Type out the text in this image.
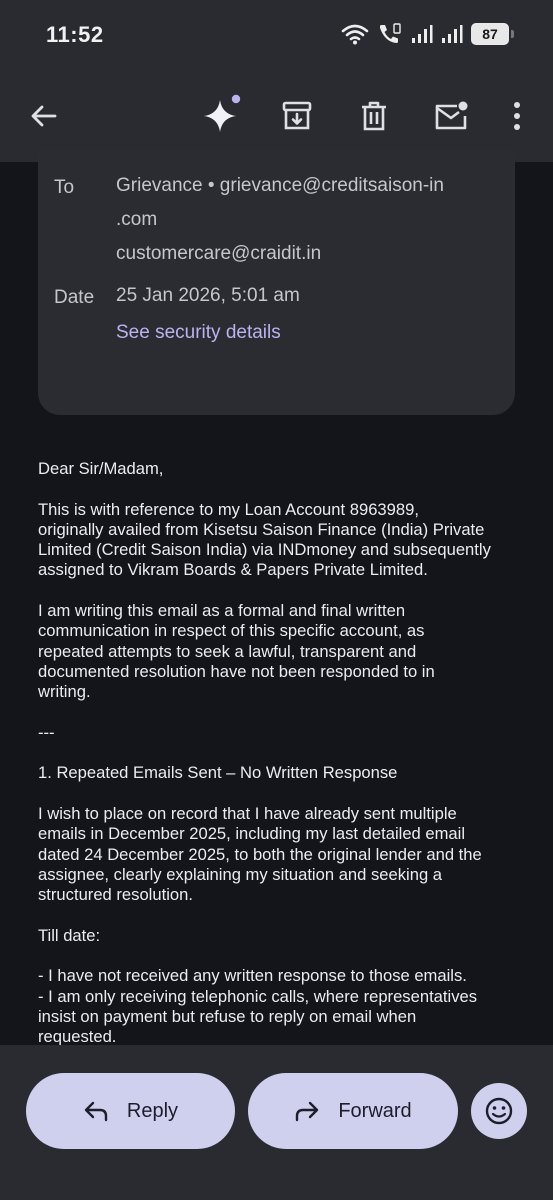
11:52	87
To Grievance • grievance@creditsaison-in
.com
customercare@craidit.in
Date 25 Jan 2026, 5:01 am
See security details

Dear Sir/Madam,

This is with reference to my Loan Account 8963989,
originally availed from Kisetsu Saison Finance (India) Private
Limited (Credit Saison India) via INDmoney and subsequently
assigned to Vikram Boards & Papers Private Limited.

I am writing this email as a formal and final written
communication in respect of this specific account, as
repeated attempts to seek a lawful, transparent and
documented resolution have not been responded to in
writing.

---

1. Repeated Emails Sent – No Written Response

I wish to place on record that I have already sent multiple
emails in December 2025, including my last detailed email
dated 24 December 2025, to both the original lender and the
assignee, clearly explaining my situation and seeking a
structured resolution.

Till date:

- I have not received any written response to those emails.
- I am only receiving telephonic calls, where representatives
insist on payment but refuse to reply on email when
requested.

Reply	Forward
